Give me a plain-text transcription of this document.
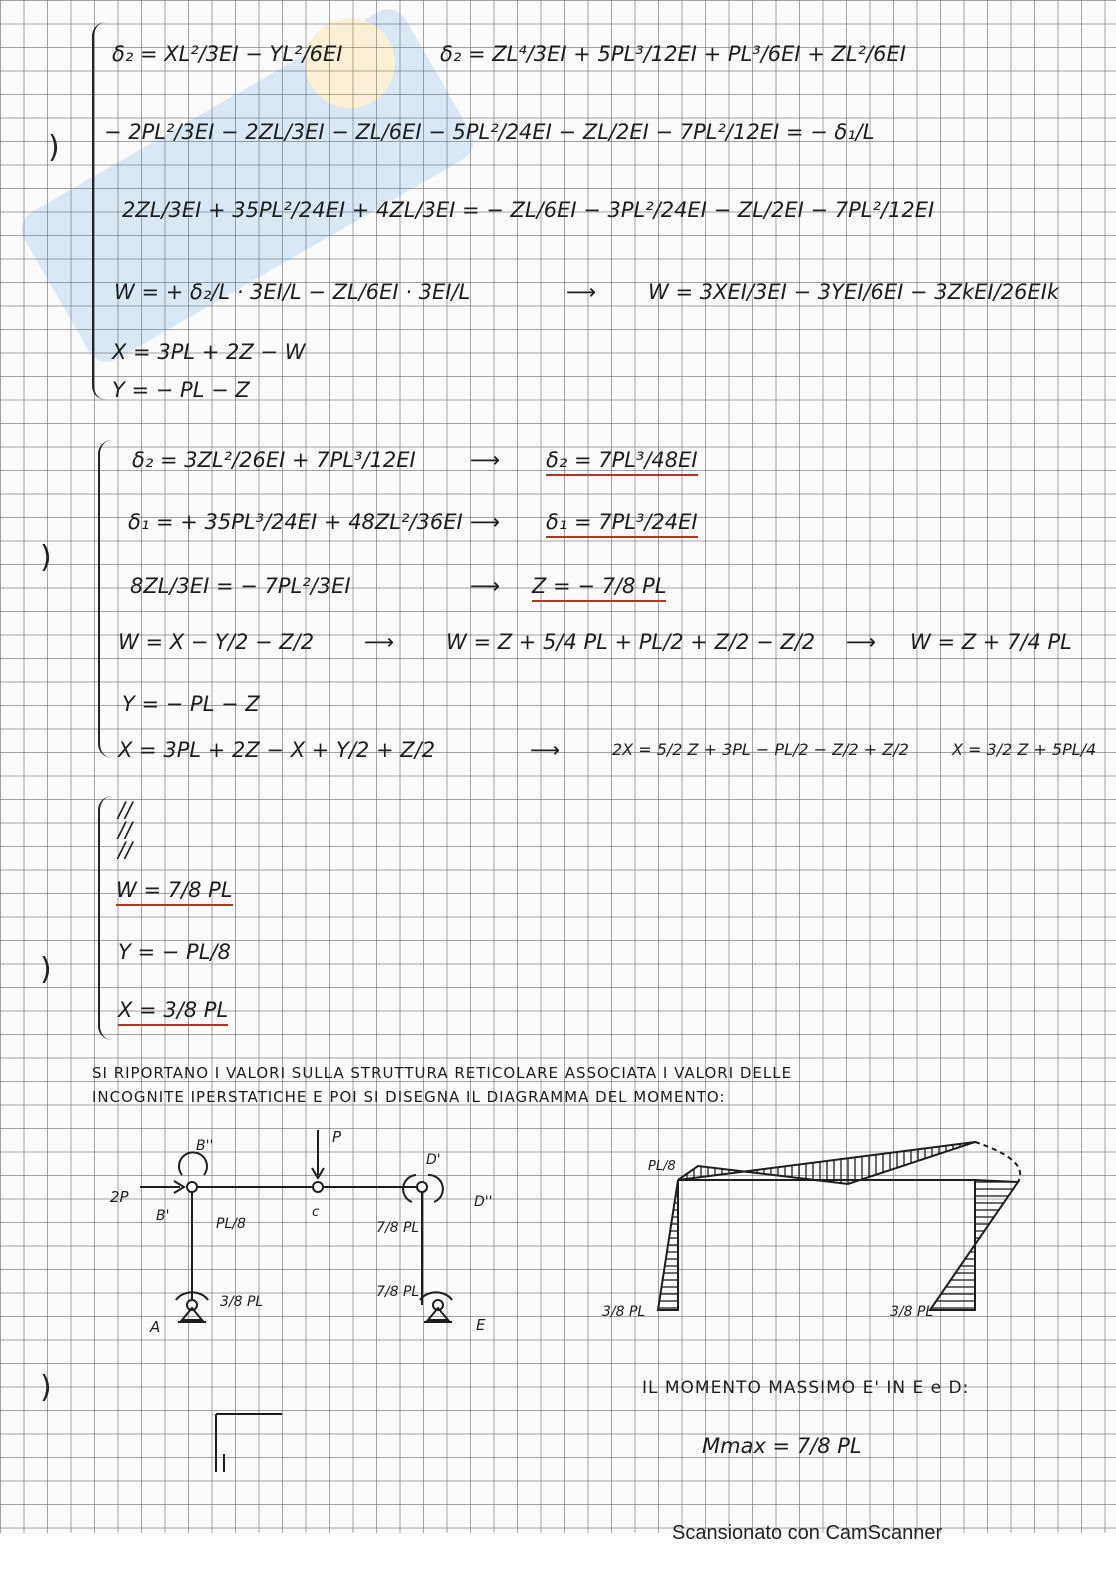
)
δ₂ = XL²/3EI − YL²/6EI	δ₂ = ZL⁴/3EI + 5PL³/12EI + PL³/6EI + ZL²/6EI
− 2PL²/3EI − 2ZL/3EI − ZL/6EI − 5PL²/24EI − ZL/2EI − 7PL²/12EI = − δ₁/L
2ZL/3EI + 35PL²/24EI + 4ZL/3EI = − ZL/6EI − 3PL²/24EI − ZL/2EI − 7PL²/12EI
W = + δ₂/L · 3EI/L − ZL/6EI · 3EI/L	⟶ W = 3XEI/3EI − 3YEI/6EI − 3ZkEI/26EIk
X = 3PL + 2Z − W
Y = − PL − Z
)
δ₂ = 3ZL²/26EI + 7PL³/12EI	⟶ δ₂ = 7PL³/48EI
δ₁ = + 35PL³/24EI + 48ZL²/36EI ⟶ δ₁ = 7PL³/24EI
8ZL/3EI = − 7PL²/3EI	⟶ Z = − 7/8 PL
W = X − Y/2 − Z/2 ⟶ W = Z + 5/4 PL + PL/2 + Z/2 − Z/2 ⟶ W = Z + 7/4 PL
Y = − PL − Z
X = 3PL + 2Z − X + Y/2 + Z/2	⟶	2X = 5/2 Z + 3PL − PL/2 − Z/2 + Z/2	X = 3/2 Z + 5PL/4
)
//
//
//
W = 7/8 PL
Y = − PL/8
X = 3/8 PL
SI RIPORTANO I VALORI SULLA STRUTTURA RETICOLARE ASSOCIATA I VALORI DELLE
INCOGNITE IPERSTATICHE E POI SI DISEGNA IL DIAGRAMMA DEL MOMENTO:
B''	P
2P
B'	c
D'
D''
PL/8	7/8 PL
3/8 PL
7/8 PL
A	E
PL/8
3/8 PL	3/8 PL
)	IL MOMENTO MASSIMO E' IN E e D:
Mmax = 7/8 PL
Scansionato con CamScanner
